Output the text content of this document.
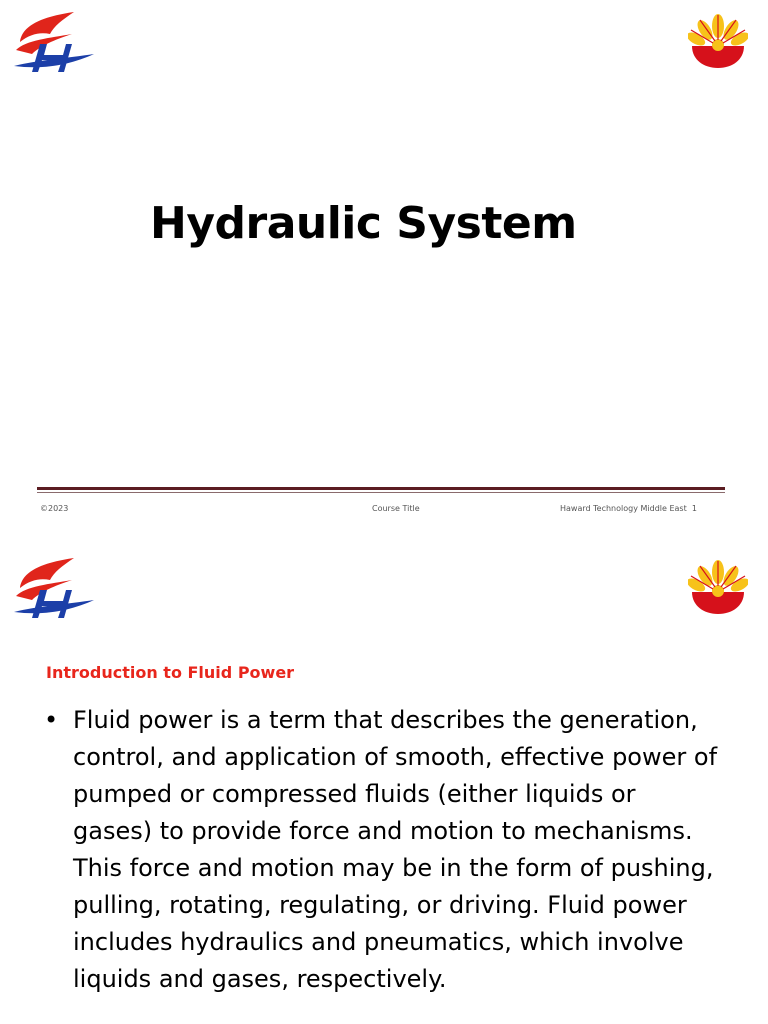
Hydraulic System
©2023	Course Title	Haward Technology Middle East 1
Introduction to Fluid Power
• Fluid power is a term that describes the generation, control, and application of smooth, effective power of pumped or compressed fluids (either liquids or gases) to provide force and motion to mechanisms. This force and motion may be in the form of pushing, pulling, rotating, regulating, or driving. Fluid power includes hydraulics and pneumatics, which involve liquids and gases, respectively.
